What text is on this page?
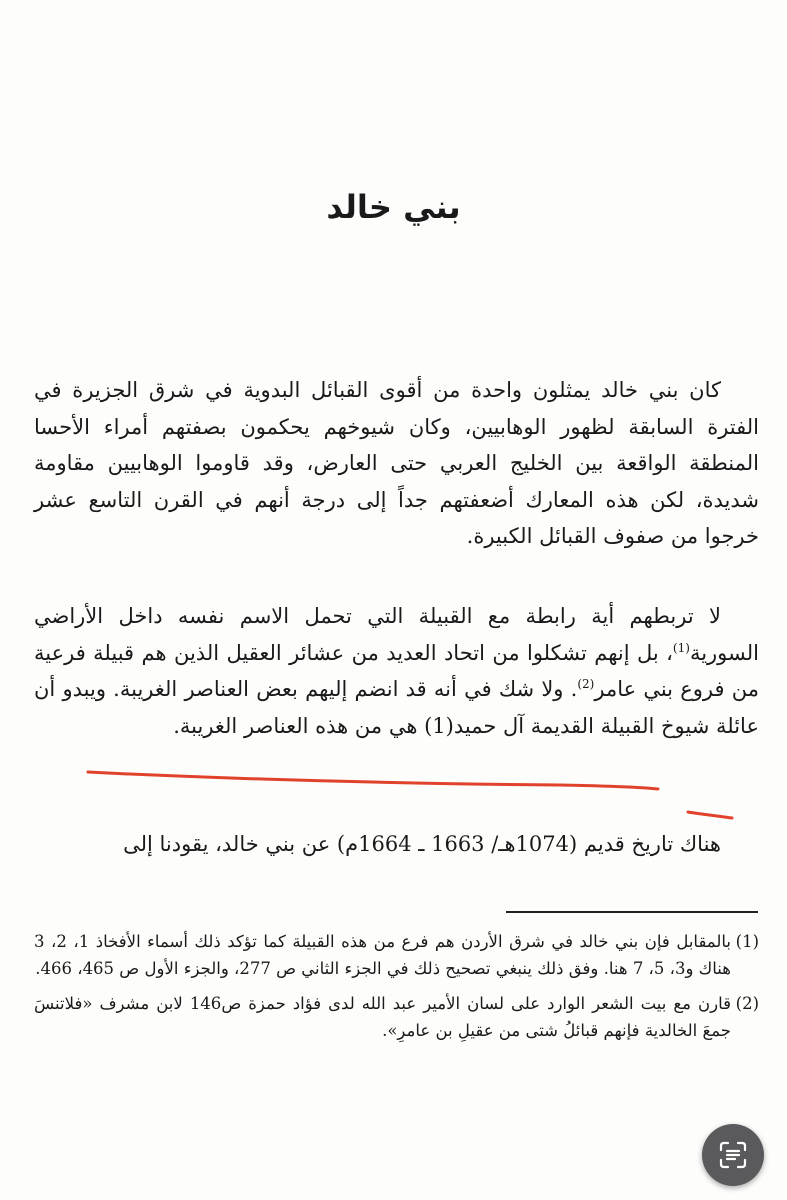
بني خالد

كان بني خالد يمثلون واحدة من أقوى القبائل البدوية في شرق الجزيرة في الفترة السابقة لظهور الوهابيين، وكان شيوخهم يحكمون بصفتهم أمراء الأحسا المنطقة الواقعة بين الخليج العربي حتى العارض، وقد قاوموا الوهابيين مقاومة شديدة، لكن هذه المعارك أضعفتهم جداً إلى درجة أنهم في القرن التاسع عشر خرجوا من صفوف القبائل الكبيرة.

لا تربطهم أية رابطة مع القبيلة التي تحمل الاسم نفسه داخل الأراضي السورية$^{(1)}$، بل إنهم تشكلوا من اتحاد العديد من عشائر العقيل الذين هم قبيلة فرعية من فروع بني عامر$^{(2)}$. ولا شك في أنه قد انضم إليهم بعض العناصر الغريبة. ويبدو أن عائلة شيوخ القبيلة القديمة آل حميد(1) هي من هذه العناصر الغريبة.

هناك تاريخ قديم (1074هـ/ 1663 ـ 1664م) عن بني خالد، يقودنا إلى

(1)
بالمقابل فإن بني خالد في شرق الأردن هم فرع من هذه القبيلة كما تؤكد ذلك أسماء الأفخاذ 1، 2، 3 هناك و3، 5، 7 هنا. وفق ذلك ينبغي تصحيح ذلك في الجزء الثاني ص 277، والجزء الأول ص 465، 466.

(2)
قارن مع بيت الشعر الوارد على لسان الأمير عبد الله لدى فؤاد حمزة ص146 لابن مشرف «فلاتنسَ جمعَ الخالدية فإنهم قبائلُ شتى من عقيلِ بن عامرِ».
